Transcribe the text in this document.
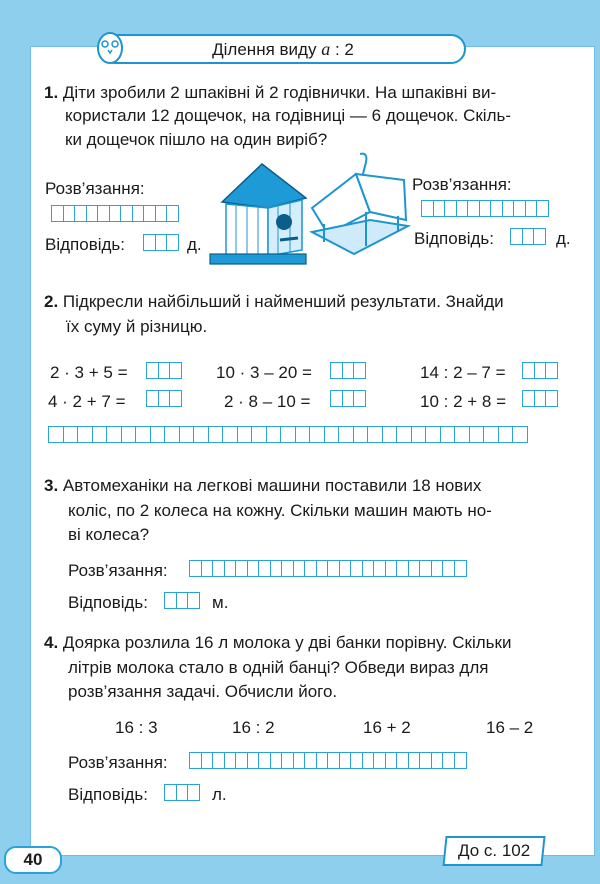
Ділення виду a : 2
1. Діти зробили 2 шпаківні й 2 годівнички. На шпаківні ви-
користали 12 дощечок, на годівниці — 6 дощечок. Скіль-
ки дощечок пішло на один виріб?
Розв’язання:
Відповідь:	д.
Розв’язання:
Відповідь:	д.
2. Підкресли найбільший і найменший результати. Знайди
їх суму й різницю.
2 · 3 + 5 =	10 · 3 – 20 =	14 : 2 – 7 =
4 · 2 + 7 =	2 · 8 – 10 =	10 : 2 + 8 =
3. Автомеханіки на легкові машини поставили 18 нових
коліс, по 2 колеса на кожну. Скільки машин мають но-
ві колеса?
Розв’язання:
Відповідь:	м.
4. Доярка розлила 16 л молока у дві банки порівну. Скільки
літрів молока стало в одній банці? Обведи вираз для
розв’язання задачі. Обчисли його.
16 : 3	16 : 2	16 + 2	16 – 2
Розв’язання:
Відповідь:	л.
40	До с. 102
